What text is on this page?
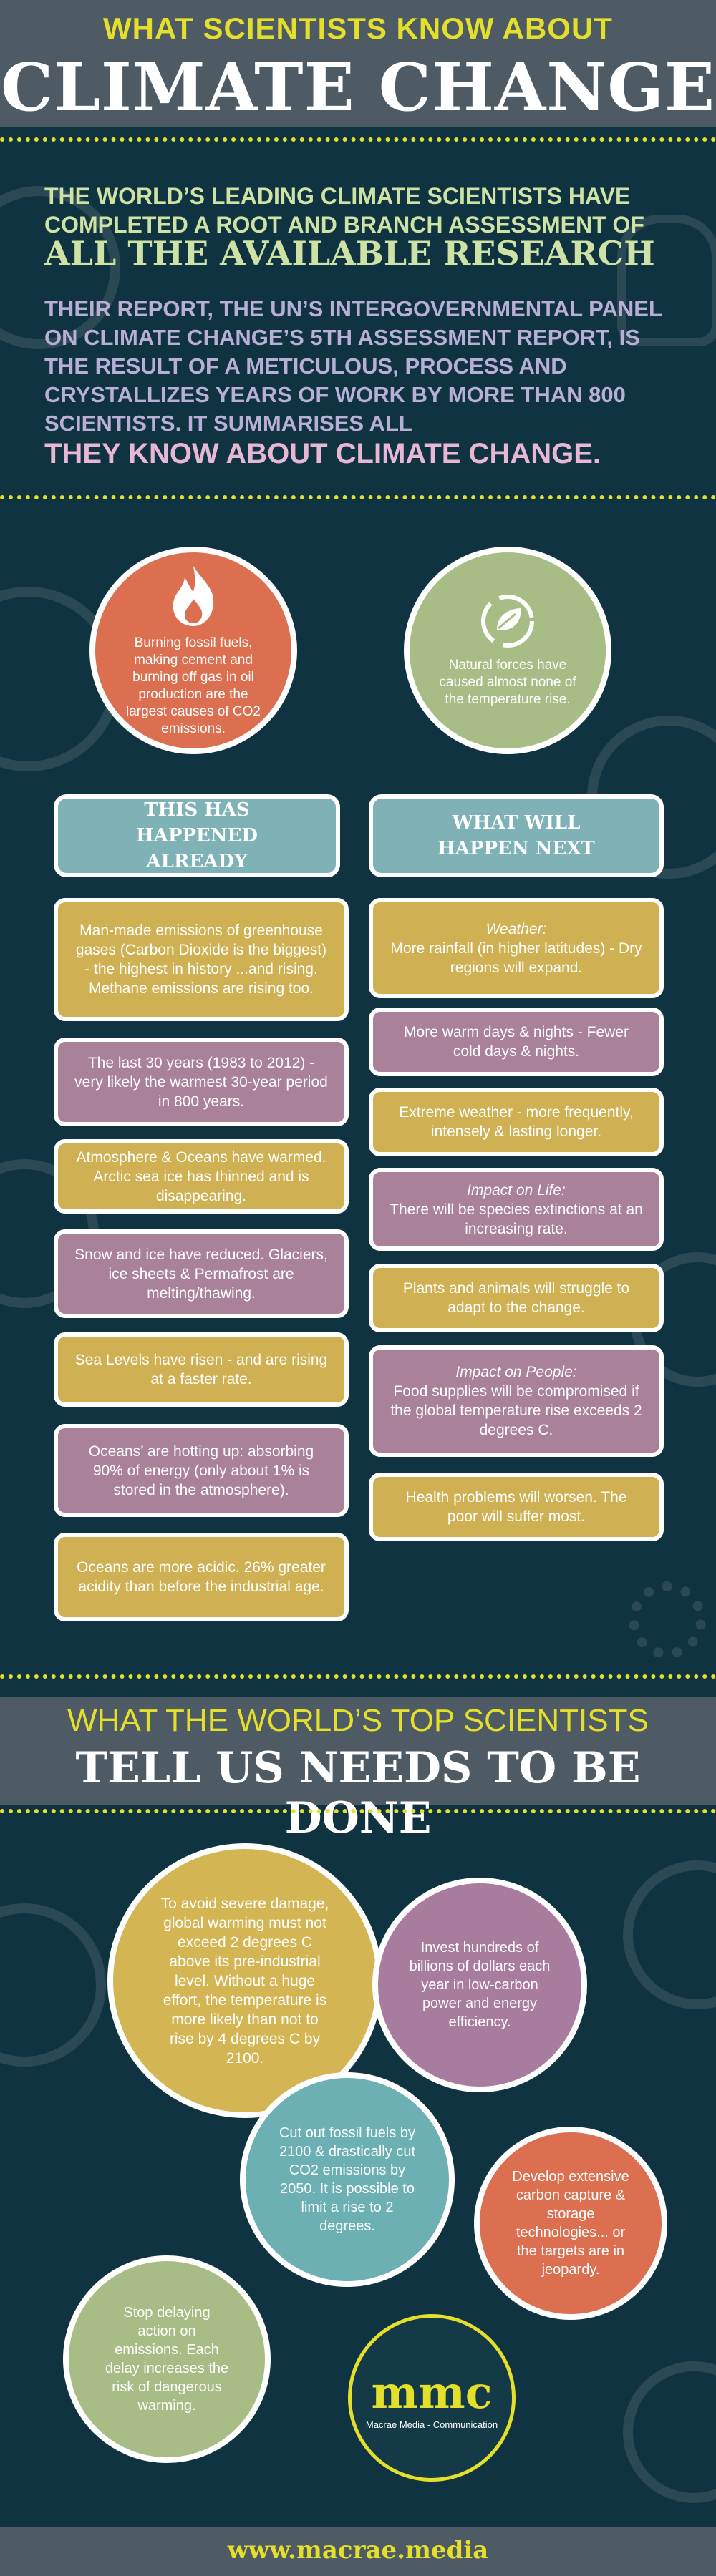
WHAT SCIENTISTS KNOW ABOUT
CLIMATE CHANGE
THE WORLD’S LEADING CLIMATE SCIENTISTS HAVE COMPLETED A ROOT AND BRANCH ASSESSMENT OF
ALL THE AVAILABLE RESEARCH
THEIR REPORT, THE UN’S INTERGOVERNMENTAL PANEL ON CLIMATE CHANGE’S 5TH ASSESSMENT REPORT, IS THE RESULT OF A METICULOUS, PROCESS AND CRYSTALLIZES YEARS OF WORK BY MORE THAN 800 SCIENTISTS. IT SUMMARISES ALL
THEY KNOW ABOUT CLIMATE CHANGE.
Burning fossil fuels, making cement and burning off gas in oil production are the largest causes of CO2 emissions.
Natural forces have caused almost none of the temperature rise.
THIS HAS HAPPENED ALREADY
WHAT WILL HAPPEN NEXT
Man-made emissions of greenhouse gases (Carbon Dioxide is the biggest) - the highest in history ...and rising. Methane emissions are rising too.
The last 30 years (1983 to 2012) - very likely the warmest 30-year period in 800 years.
Atmosphere & Oceans have warmed. Arctic sea ice has thinned and is disappearing.
Snow and ice have reduced. Glaciers, ice sheets & Permafrost are melting/thawing.
Sea Levels have risen - and are rising at a faster rate.
Oceans’ are hotting up: absorbing 90% of energy (only about 1% is stored in the atmosphere).
Oceans are more acidic. 26% greater acidity than before the industrial age.
Weather:
More rainfall (in higher latitudes) - Dry regions will expand.
More warm days & nights - Fewer cold days & nights.
Extreme weather - more frequently, intensely & lasting longer.
Impact on Life:
There will be species extinctions at an increasing rate.
Plants and animals will struggle to adapt to the change.
Impact on People:
Food supplies will be compromised if the global temperature rise exceeds 2 degrees C.
Health problems will worsen. The poor will suffer most.
WHAT THE WORLD’S TOP SCIENTISTS
TELL US NEEDS TO BE DONE
To avoid severe damage, global warming must not exceed 2 degrees C above its pre-industrial level. Without a huge effort, the temperature is more likely than not to rise by 4 degrees C by 2100.
Invest hundreds of billions of dollars each year in low-carbon power and energy efficiency.
Cut out fossil fuels by 2100 & drastically cut CO2 emissions by 2050. It is possible to limit a rise to 2 degrees.
Develop extensive carbon capture & storage technologies... or the targets are in jeopardy.
Stop delaying action on emissions. Each delay increases the risk of dangerous warming.	mmc
Macrae Media - Communication
www.macrae.media
